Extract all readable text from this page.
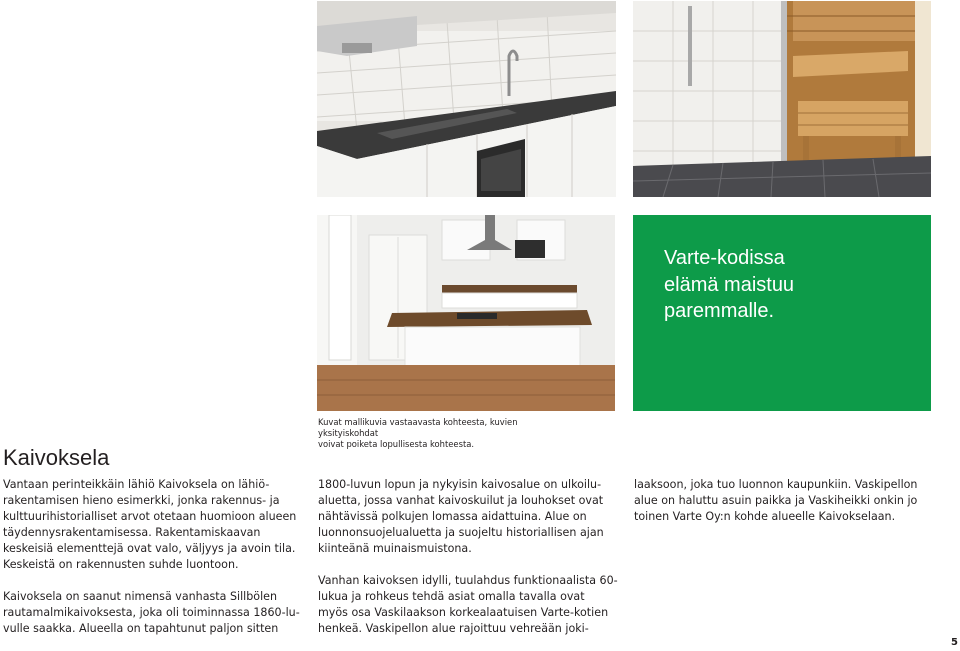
Varte-kodissa
elämä maistuu
paremmalle.
Kuvat mallikuvia vastaavasta kohteesta, kuvien yksityiskohdat
voivat poiketa lopullisesta kohteesta.
Kaivoksela

Vantaan perinteikkäin lähiö Kaivoksela on lähiö-rakentamisen hieno esimerkki, jonka rakennus- ja kulttuurihistorialliset arvot otetaan huomioon alueen täydennysrakentamisessa. Rakentamiskaavan keskeisiä elementtejä ovat valo, väljyys ja avoin tila. Keskeistä on rakennusten suhde luontoon.

Kaivoksela on saanut nimensä vanhasta Sillbölen rautamalmikaivoksesta, joka oli toiminnassa 1860-lu-vulle saakka. Alueella on tapahtunut paljon sitten

1800-luvun lopun ja nykyisin kaivosalue on ulkoilu-aluetta, jossa vanhat kaivoskuilut ja louhokset ovat nähtävissä polkujen lomassa aidattuina. Alue on luonnonsuojelualuetta ja suojeltu historiallisen ajan kiinteänä muinaismuistona.

Vanhan kaivoksen idylli, tuulahdus funktionaalista 60-lukua ja rohkeus tehdä asiat omalla tavalla ovat myös osa Vaskilaakson korkealaatuisen Varte-kotien henkeä. Vaskipellon alue rajoittuu vehreään joki-

laaksoon, joka tuo luonnon kaupunkiin. Vaskipellon alue on haluttu asuin paikka ja Vaskiheikki onkin jo toinen Varte Oy:n kohde alueelle Kaivokselaan.

5
